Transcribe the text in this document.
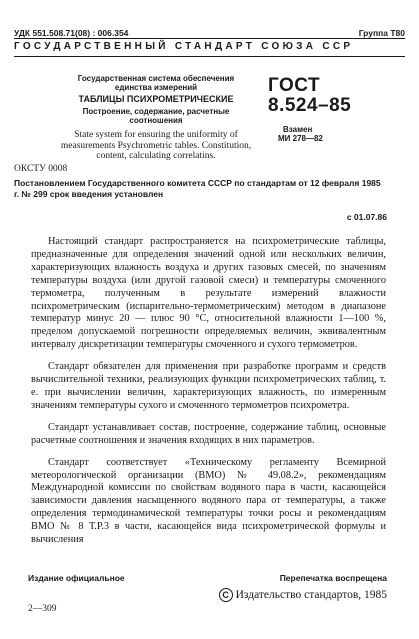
УДК 551.508.71(08) : 006.354	Группа Т80
ГОСУДАРСТВЕННЫЙ СТАНДАРТ СОЮЗА ССР
Государственная система обеспечения
единства измерений
ТАБЛИЦЫ ПСИХРОМЕТРИЧЕСКИЕ
Построение, содержание, расчетные соотношения
State system for ensuring the uniformity of
measurements Psychrometric tables. Constitution,
content, calculating correlatins.
ГОСТ
8.524–85
Взамен
МИ 278—82
ОКСТУ 0008
Постановлением Государственного комитета СССР по стандартам от 12 февраля 1985 г. № 299 срок введения установлен
с 01.07.86

Настоящий стандарт распространяется на психрометрические таблицы, предназначенные для определения значений одной или нескольких величин, характеризующих влажность воздуха и других газовых смесей, по значениям температуры воздуха (или другой газовой смеси) и температуры смоченного термометра, полученным в результате измерений влажности психрометрическим (испарительно-термометрическим) методом в диапазоне температур минус 20 — плюс 90 °С, относительной влажности 1—100 %, пределом допускаемой погрешности определяемых величин, эквивалентным интервалу дискретизации температуры смоченного и сухого термометров.

Стандарт обязателен для применения при разработке программ и средств вычислительной техники, реализующих функции психрометрических таблиц, т. е. при вычислении величин, характеризующих влажность, по измеренным значениям температуры сухого и смоченного термометров психрометра.

Стандарт устанавливает состав, построение, содержание таблиц, основные расчетные соотношения и значения входящих в них параметров.

Стандарт соответствует «Техническому регламенту Всемирной метеорологической организации (ВМО) № 49.08.2», рекомендациям Международной комиссии по свойствам водяного пара в части, касающейся зависимости давления насыщенного водяного пара от температуры, а также определения термодинамической температуры точки росы и рекомендациям ВМО № 8 Т.Р.3 в части, касающейся вида психрометрической формулы и вычисления

Издание официальное	Перепечатка воспрещена
C Издательство стандартов, 1985
2—309
